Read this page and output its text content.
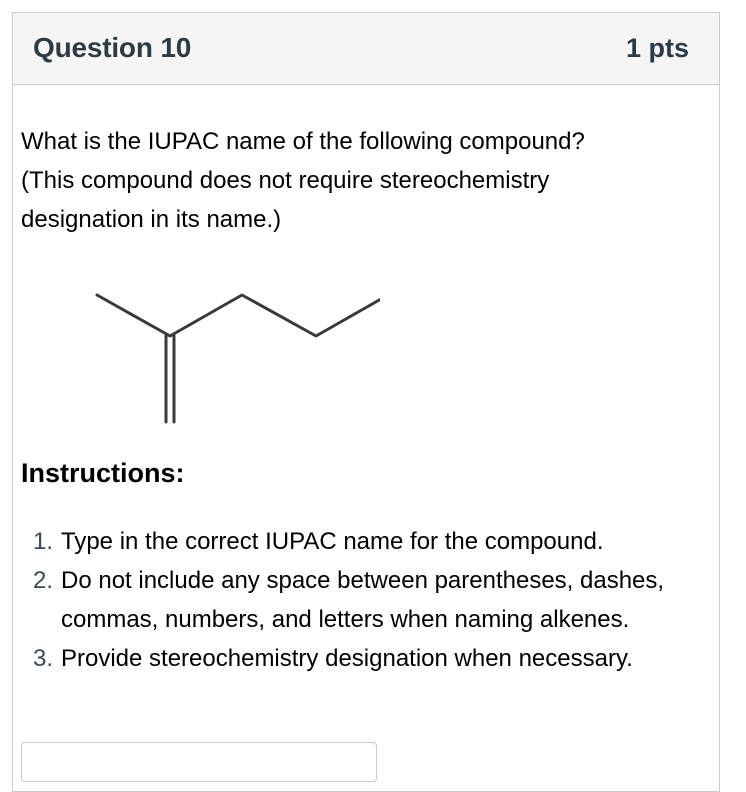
Question 10	1 pts

What is the IUPAC name of the following compound?

(This compound does not require stereochemistry

designation in its name.)

Instructions:
1. Type in the correct IUPAC name for the compound.
2. Do not include any space between parentheses, dashes, commas, numbers, and letters when naming alkenes.
3. Provide stereochemistry designation when necessary.
